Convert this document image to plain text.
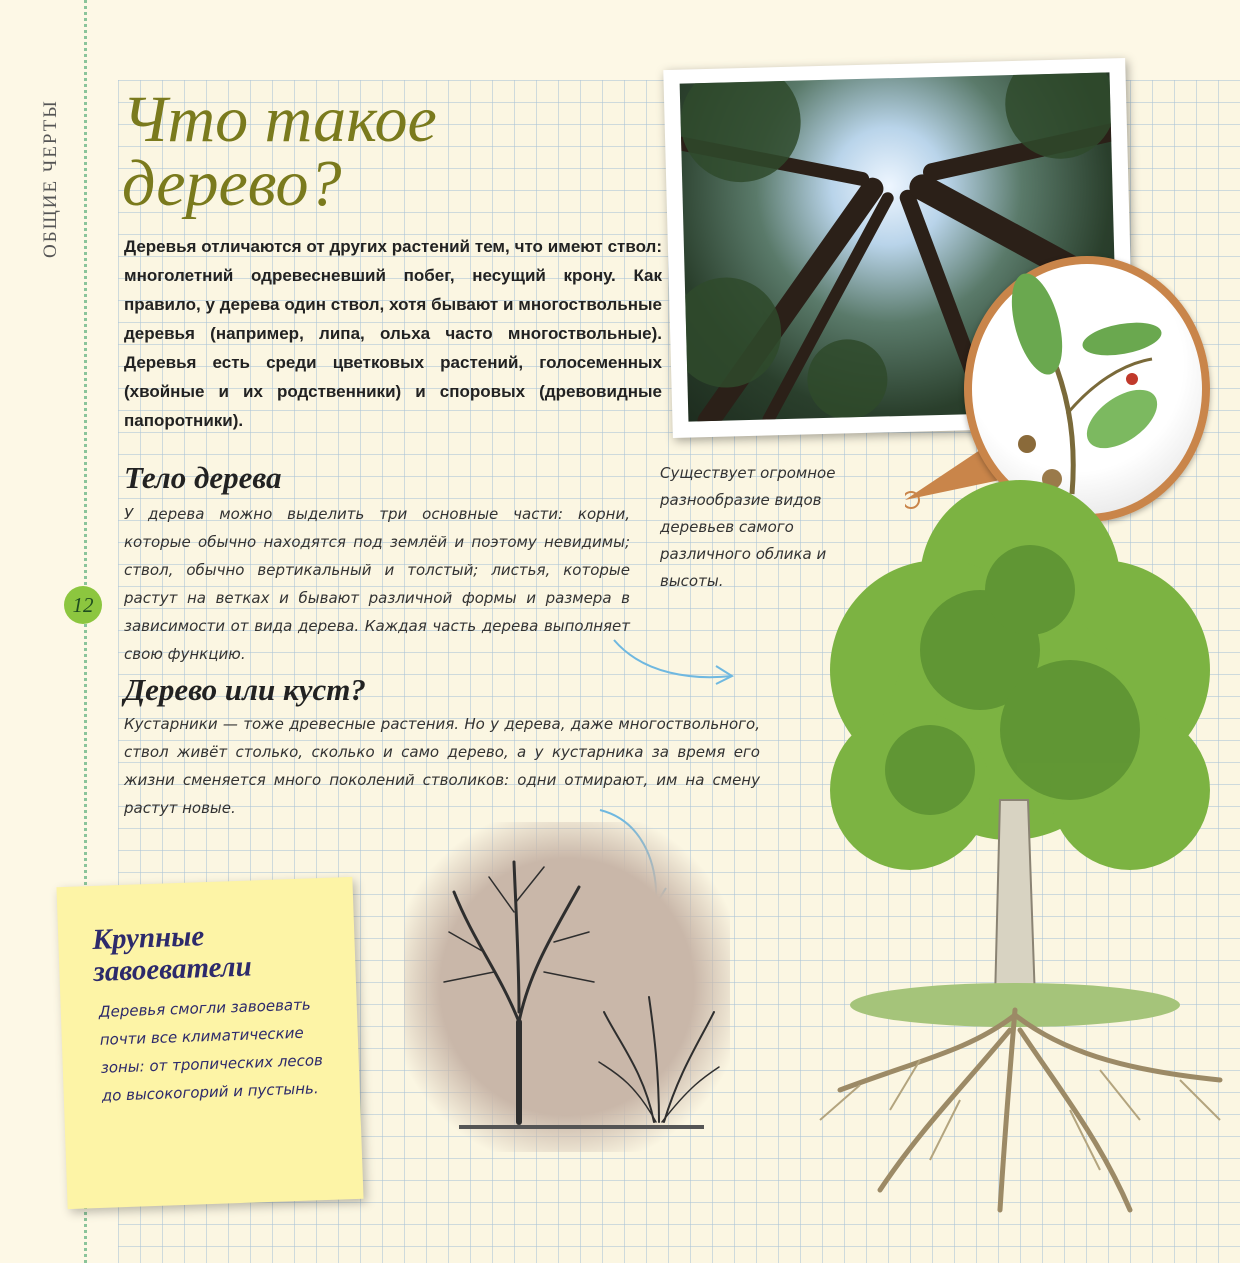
ОБЩИЕ ЧЕРТЫ
12
Что такое дерево?

Деревья отличаются от других растений тем, что имеют ствол: многолетний одревесневший побег, несущий крону. Как правило, у дерева один ствол, хотя бывают и многоствольные деревья (например, липа, ольха часто многоствольные). Деревья есть среди цветковых растений, голосеменных (хвойные и их родственники) и споровых (древовидные папоротники).

Тело дерева

У дерева можно выделить три основные части: корни, которые обычно находятся под землёй и поэтому невидимы; ствол, обычно вертикальный и толстый; листья, которые растут на ветках и бывают различной формы и размера в зависимости от вида дерева. Каждая часть дерева выполняет свою функцию.

Дерево или куст?

Кустарники — тоже древесные растения. Но у дерева, даже многоствольного, ствол живёт столько, сколько и само дерево, а у кустарника за время его жизни сменяется много поколений стволиков: одни отмирают, им на смену растут новые.

Существует огромное разнообразие видов деревьев самого различного облика и высоты.

Крупные завоеватели

Деревья смогли завоевать почти все климатические зоны: от тропических лесов до высокогорий и пустынь.
